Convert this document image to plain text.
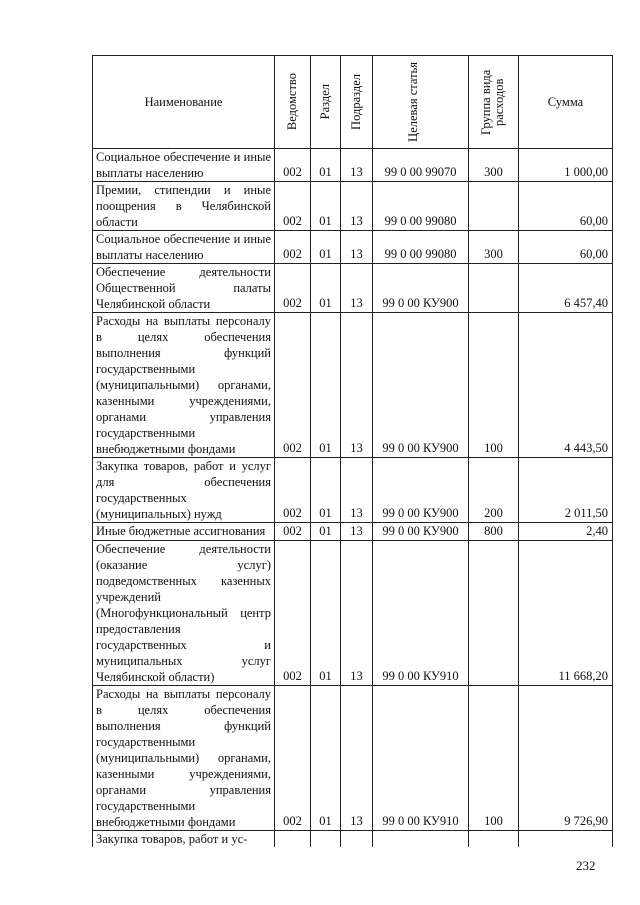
Наименование	Ведомство	Раздел	Подраздел	Целевая статья	Группа вида расходов	Сумма
Социальное обеспечение и иные выплаты населению	002	01	13	99 0 00 99070	300	1 000,00
Премии, стипендии и иные поощрения в Челябинской области	002	01	13	99 0 00 99080		60,00
Социальное обеспечение и иные выплаты населению	002	01	13	99 0 00 99080	300	60,00
Обеспечение деятельности Общественной палаты Челябинской области	002	01	13	99 0 00 КУ900		6 457,40
Расходы на выплаты персоналу в целях обеспечения выполнения функций государственными (муниципальными) органами, казенными учреждениями, органами управления государственными внебюджетными фондами	002	01	13	99 0 00 КУ900	100	4 443,50
Закупка товаров, работ и услуг для обеспечения государственных (муниципальных) нужд	002	01	13	99 0 00 КУ900	200	2 011,50
Иные бюджетные ассигнования	002	01	13	99 0 00 КУ900	800	2,40
Обеспечение деятельности (оказание услуг) подведомственных казенных учреждений (Многофункциональный центр предоставления государственных и муниципальных услуг Челябинской области)	002	01	13	99 0 00 КУ910		11 668,20
Расходы на выплаты персоналу в целях обеспечения выполнения функций государственными (муниципальными) органами, казенными учреждениями, органами управления государственными внебюджетными фондами	002	01	13	99 0 00 КУ910	100	9 726,90
Закупка товаров, работ и ус-						
232
